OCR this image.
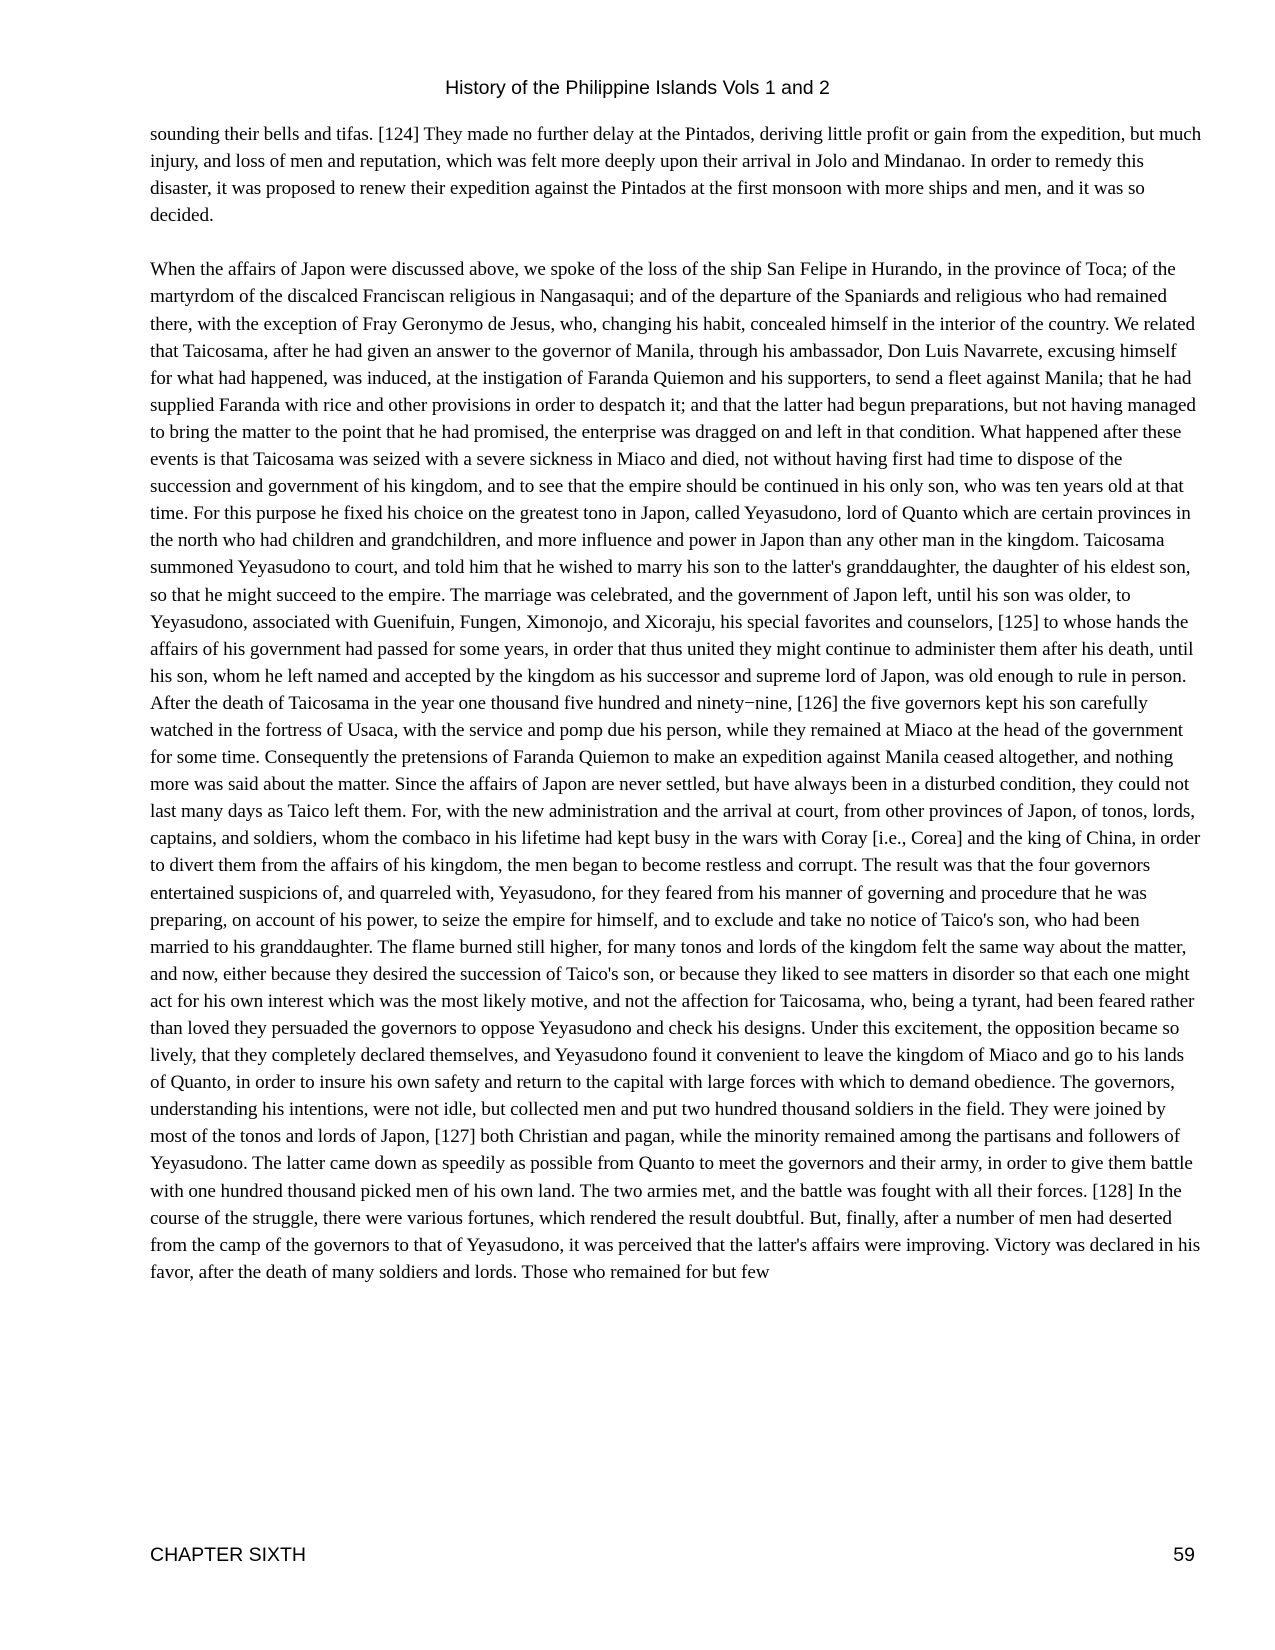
History of the Philippine Islands Vols 1 and 2

sounding their bells and tifas. [124] They made no further delay at the Pintados, deriving little profit or gain from the expedition, but much injury, and loss of men and reputation, which was felt more deeply upon their arrival in Jolo and Mindanao. In order to remedy this disaster, it was proposed to renew their expedition against the Pintados at the first monsoon with more ships and men, and it was so decided.

When the affairs of Japon were discussed above, we spoke of the loss of the ship San Felipe in Hurando, in the province of Toca; of the martyrdom of the discalced Franciscan religious in Nangasaqui; and of the departure of the Spaniards and religious who had remained there, with the exception of Fray Geronymo de Jesus, who, changing his habit, concealed himself in the interior of the country. We related that Taicosama, after he had given an answer to the governor of Manila, through his ambassador, Don Luis Navarrete, excusing himself for what had happened, was induced, at the instigation of Faranda Quiemon and his supporters, to send a fleet against Manila; that he had supplied Faranda with rice and other provisions in order to despatch it; and that the latter had begun preparations, but not having managed to bring the matter to the point that he had promised, the enterprise was dragged on and left in that condition. What happened after these events is that Taicosama was seized with a severe sickness in Miaco and died, not without having first had time to dispose of the succession and government of his kingdom, and to see that the empire should be continued in his only son, who was ten years old at that time. For this purpose he fixed his choice on the greatest tono in Japon, called Yeyasudono, lord of Quanto which are certain provinces in the north who had children and grandchildren, and more influence and power in Japon than any other man in the kingdom. Taicosama summoned Yeyasudono to court, and told him that he wished to marry his son to the latter's granddaughter, the daughter of his eldest son, so that he might succeed to the empire. The marriage was celebrated, and the government of Japon left, until his son was older, to Yeyasudono, associated with Guenifuin, Fungen, Ximonojo, and Xicoraju, his special favorites and counselors, [125] to whose hands the affairs of his government had passed for some years, in order that thus united they might continue to administer them after his death, until his son, whom he left named and accepted by the kingdom as his successor and supreme lord of Japon, was old enough to rule in person. After the death of Taicosama in the year one thousand five hundred and ninety−nine, [126] the five governors kept his son carefully watched in the fortress of Usaca, with the service and pomp due his person, while they remained at Miaco at the head of the government for some time. Consequently the pretensions of Faranda Quiemon to make an expedition against Manila ceased altogether, and nothing more was said about the matter. Since the affairs of Japon are never settled, but have always been in a disturbed condition, they could not last many days as Taico left them. For, with the new administration and the arrival at court, from other provinces of Japon, of tonos, lords, captains, and soldiers, whom the combaco in his lifetime had kept busy in the wars with Coray [i.e., Corea] and the king of China, in order to divert them from the affairs of his kingdom, the men began to become restless and corrupt. The result was that the four governors entertained suspicions of, and quarreled with, Yeyasudono, for they feared from his manner of governing and procedure that he was preparing, on account of his power, to seize the empire for himself, and to exclude and take no notice of Taico's son, who had been married to his granddaughter. The flame burned still higher, for many tonos and lords of the kingdom felt the same way about the matter, and now, either because they desired the succession of Taico's son, or because they liked to see matters in disorder so that each one might act for his own interest which was the most likely motive, and not the affection for Taicosama, who, being a tyrant, had been feared rather than loved they persuaded the governors to oppose Yeyasudono and check his designs. Under this excitement, the opposition became so lively, that they completely declared themselves, and Yeyasudono found it convenient to leave the kingdom of Miaco and go to his lands of Quanto, in order to insure his own safety and return to the capital with large forces with which to demand obedience. The governors, understanding his intentions, were not idle, but collected men and put two hundred thousand soldiers in the field. They were joined by most of the tonos and lords of Japon, [127] both Christian and pagan, while the minority remained among the partisans and followers of Yeyasudono. The latter came down as speedily as possible from Quanto to meet the governors and their army, in order to give them battle with one hundred thousand picked men of his own land. The two armies met, and the battle was fought with all their forces. [128] In the course of the struggle, there were various fortunes, which rendered the result doubtful. But, finally, after a number of men had deserted from the camp of the governors to that of Yeyasudono, it was perceived that the latter's affairs were improving. Victory was declared in his favor, after the death of many soldiers and lords. Those who remained for but few

CHAPTER SIXTH	59
